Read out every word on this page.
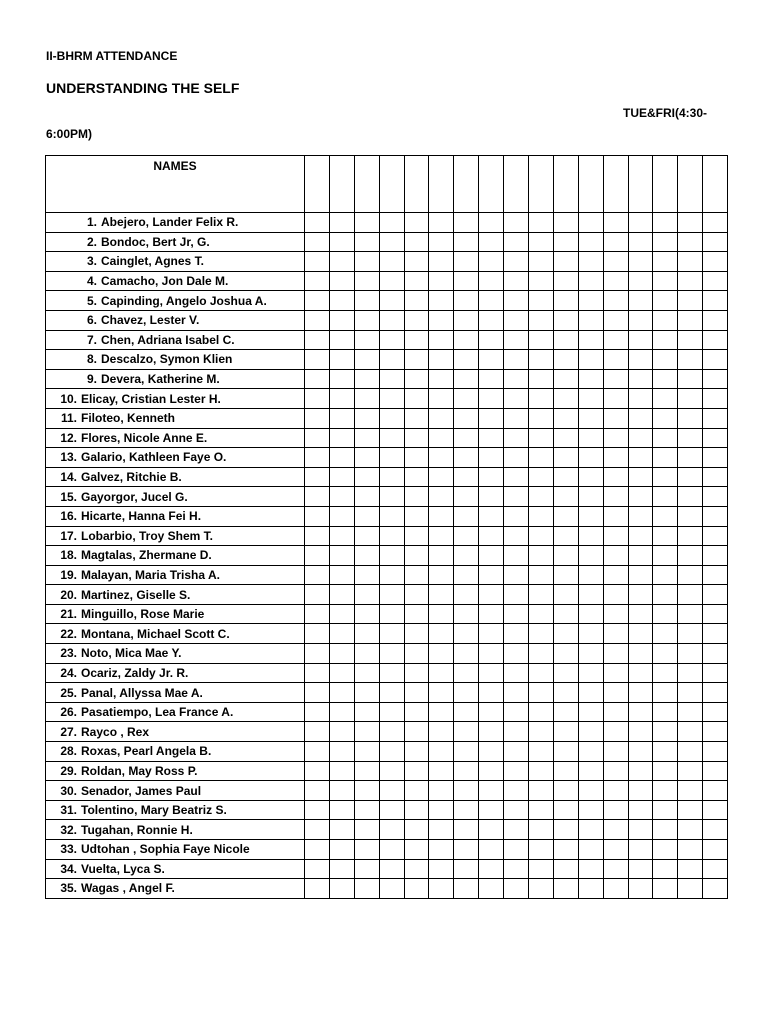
II-BHRM ATTENDANCE
UNDERSTANDING THE SELF
TUE&FRI(4:30-
6:00PM)
NAMES																	
1. Abejero, Lander Felix R.																	
2. Bondoc, Bert Jr, G.																	
3. Cainglet, Agnes T.																	
4. Camacho, Jon Dale M.																	
5. Capinding, Angelo Joshua A.																	
6. Chavez, Lester V.																	
7. Chen, Adriana Isabel C.																	
8. Descalzo, Symon Klien																	
9. Devera, Katherine M.																	
10. Elicay, Cristian Lester H.																	
11. Filoteo, Kenneth																	
12. Flores, Nicole Anne E.																	
13. Galario, Kathleen Faye O.																	
14. Galvez, Ritchie B.																	
15. Gayorgor, Jucel G.																	
16. Hicarte, Hanna Fei H.																	
17. Lobarbio, Troy Shem T.																	
18. Magtalas, Zhermane D.																	
19. Malayan, Maria Trisha A.																	
20. Martinez, Giselle S.																	
21. Minguillo, Rose Marie																	
22. Montana, Michael Scott C.																	
23. Noto, Mica Mae Y.																	
24. Ocariz, Zaldy Jr. R.																	
25. Panal, Allyssa Mae A.																	
26. Pasatiempo, Lea France A.																	
27. Rayco , Rex																	
28. Roxas, Pearl Angela B.																	
29. Roldan, May Ross P.																	
30. Senador, James Paul																	
31. Tolentino, Mary Beatriz S.																	
32. Tugahan, Ronnie H.																	
33. Udtohan , Sophia Faye Nicole																	
34. Vuelta, Lyca S.																	
35. Wagas , Angel F.																	
